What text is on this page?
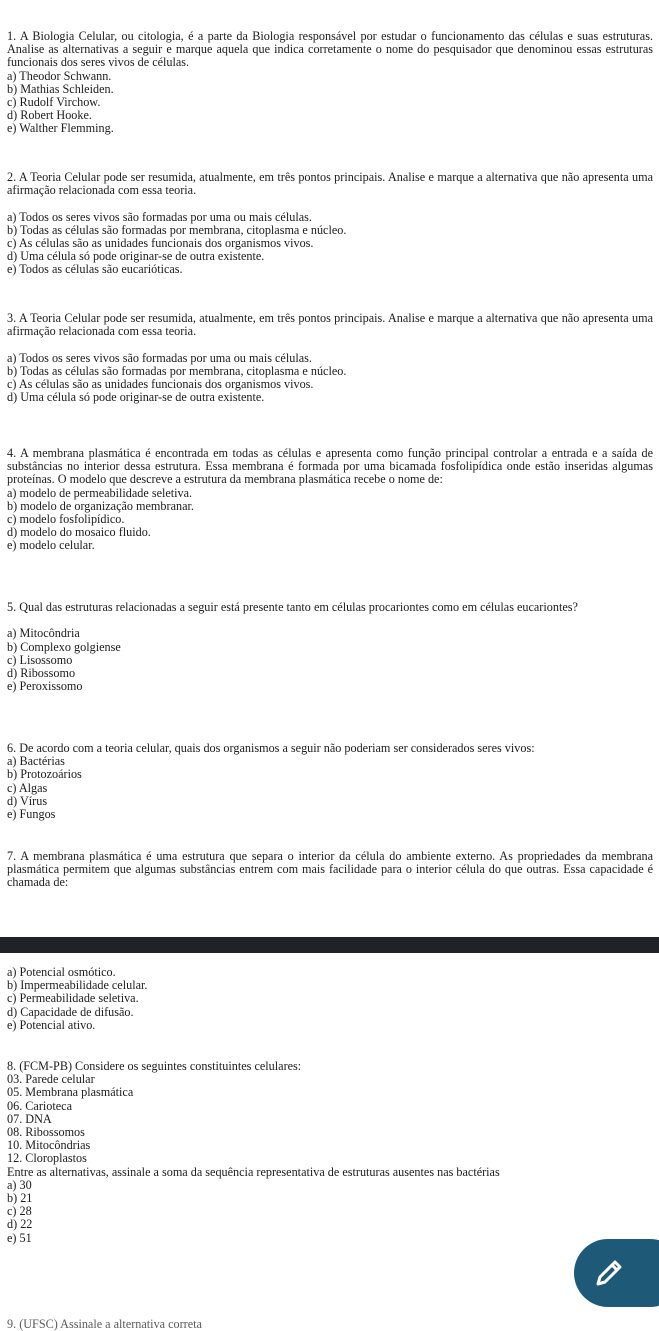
1. A Biologia Celular, ou citologia, é a parte da Biologia responsável por estudar o funcionamento das células e suas estruturas. Analise as alternativas a seguir e marque aquela que indica corretamente o nome do pesquisador que denominou essas estruturas funcionais dos seres vivos de células.

a) Theodor Schwann.

b) Mathias Schleiden.

c) Rudolf Virchow.

d) Robert Hooke.

e) Walther Flemming.

2. A Teoria Celular pode ser resumida, atualmente, em três pontos principais. Analise e marque a alternativa que não apresenta uma afirmação relacionada com essa teoria.

a) Todos os seres vivos são formadas por uma ou mais células.

b) Todas as células são formadas por membrana, citoplasma e núcleo.

c) As células são as unidades funcionais dos organismos vivos.

d) Uma célula só pode originar-se de outra existente.

e) Todos as células são eucarióticas.

3. A Teoria Celular pode ser resumida, atualmente, em três pontos principais. Analise e marque a alternativa que não apresenta uma afirmação relacionada com essa teoria.

a) Todos os seres vivos são formadas por uma ou mais células.

b) Todas as células são formadas por membrana, citoplasma e núcleo.

c) As células são as unidades funcionais dos organismos vivos.

d) Uma célula só pode originar-se de outra existente.

4. A membrana plasmática é encontrada em todas as células e apresenta como função principal controlar a entrada e a saída de substâncias no interior dessa estrutura. Essa membrana é formada por uma bicamada fosfolipídica onde estão inseridas algumas proteínas. O modelo que descreve a estrutura da membrana plasmática recebe o nome de:

a) modelo de permeabilidade seletiva.

b) modelo de organização membranar.

c) modelo fosfolipídico.

d) modelo do mosaico fluido.

e) modelo celular.

5. Qual das estruturas relacionadas a seguir está presente tanto em células procariontes como em células eucariontes?

a) Mitocôndria

b) Complexo golgiense

c) Lisossomo

d) Ribossomo

e) Peroxissomo

6. De acordo com a teoria celular, quais dos organismos a seguir não poderiam ser considerados seres vivos:

a) Bactérias

b) Protozoários

c) Algas

d) Vírus

e) Fungos

7. A membrana plasmática é uma estrutura que separa o interior da célula do ambiente externo. As propriedades da membrana plasmática permitem que algumas substâncias entrem com mais facilidade para o interior célula do que outras. Essa capacidade é chamada de:

a) Potencial osmótico.

b) Impermeabilidade celular.

c) Permeabilidade seletiva.

d) Capacidade de difusão.

e) Potencial ativo.

8. (FCM-PB) Considere os seguintes constituintes celulares:

03. Parede celular

05. Membrana plasmática

06. Carioteca

07. DNA

08. Ribossomos

10. Mitocôndrias

12. Cloroplastos

Entre as alternativas, assinale a soma da sequência representativa de estruturas ausentes nas bactérias

a) 30

b) 21

c) 28

d) 22

e) 51

9. (UFSC) Assinale a alternativa correta
